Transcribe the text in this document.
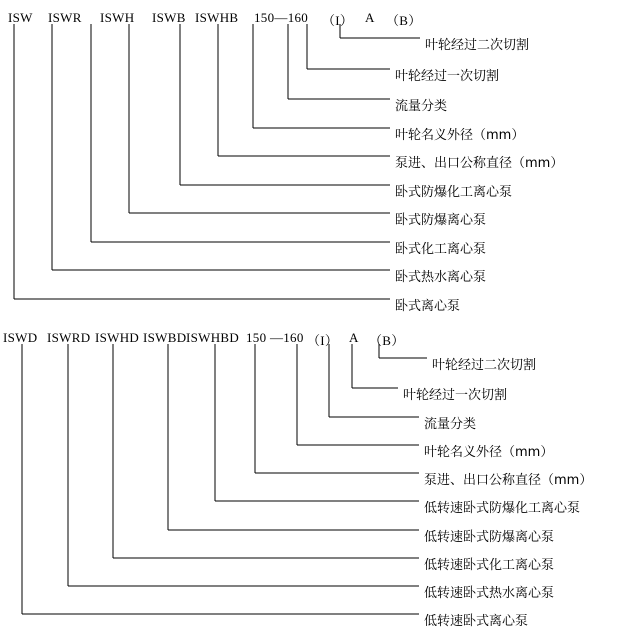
ISW ISWR ISWH ISWB ISWHB 150—160 （I） A （B）
叶轮经过二次切割
叶轮经过一次切割
流量分类
叶轮名义外径（mm）
泵进、出口公称直径（mm）
卧式防爆化工离心泵
卧式防爆离心泵
卧式化工离心泵
卧式热水离心泵
卧式离心泵
ISWD ISWRD ISWHD ISWBD ISWHBD 150 —160 （I） A （B）
叶轮经过二次切割
叶轮经过一次切割
流量分类
叶轮名义外径（mm）
泵进、出口公称直径（mm）
低转速卧式防爆化工离心泵
低转速卧式防爆离心泵
低转速卧式化工离心泵
低转速卧式热水离心泵
低转速卧式离心泵
